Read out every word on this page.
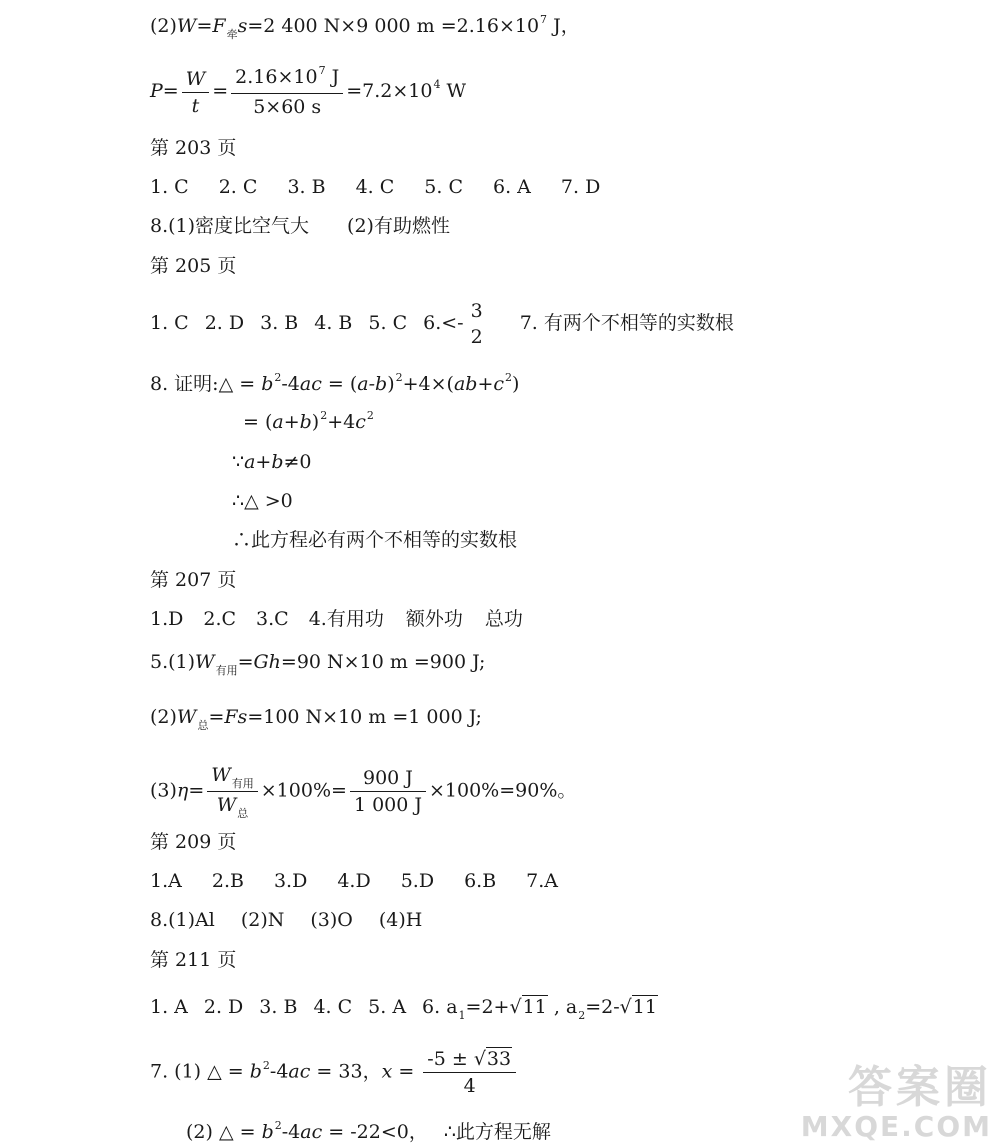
$(2)W=F_牵s=2$ 400 N×9 000 $m =2.16\times 10^7$ J，
$P= \frac{W}{t} = \frac{2.16\times 10^7 J}{5\times 60 s} =7.2\times 10^4$ W
第 203 页
1. C 2. C 3. B 4. C 5. C 6. A 7. D
8.(1)密度比空气大 (2)有助燃性
第 205 页
1. C 2. D 3. B 4. B 5. C 6.<-
3
2
7. 有两个不相等的实数根
8. 证明:△ = $b^2-4ac = (a-b)^2+4\times(ab+c^2)$
= $(a+b)^2+4c^2$
∵a+b≠0
∴△ >0
∴此方程必有两个不相等的实数根
第 207 页
1.D 2.C 3.C 4.有用功 额外功 总功
$5.(1)W_{有用}=Gh=90$ N×10 m =900 J;
$(2)W_总=Fs=100$ N×10 m =1 000 J;
$(3)\eta= \frac{W_{有用}}{W_总} \times 100\%= \frac{900 J}{1 000 J} \times 100\%=90\%$。
第 209 页
1.A 2.B 3.D 4.D 5.D 6.B 7.A
8.(1)Al (2)N (3)O (4)H
第 211 页
1. A 2. D 3. B 4. C 5. A 6. $a_1=2+√11$ , $a_2=2-√11$
7. (1) △ = $b^2-4ac = 33$，$x = \frac{-5 \pm √33}{4}$
(2) △ = $b^2-4ac = -22<0$， ∴此方程无解
答案圈
MXQE.COM
